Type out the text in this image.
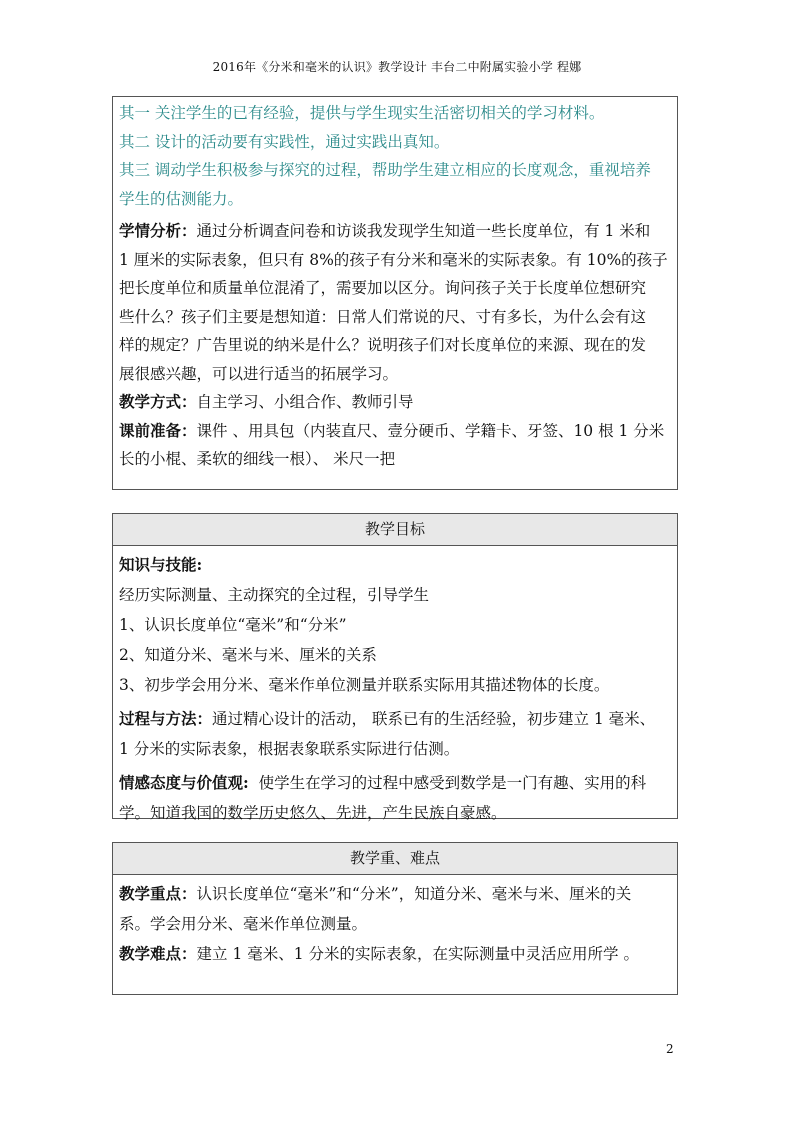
2016年《分米和毫米的认识》教学设计 丰台二中附属实验小学 程娜
其一 关注学生的已有经验，提供与学生现实生活密切相关的学习材料。
其二 设计的活动要有实践性，通过实践出真知。
其三 调动学生积极参与探究的过程，帮助学生建立相应的长度观念，重视培养
学生的估测能力。
学情分析：通过分析调查问卷和访谈我发现学生知道一些长度单位，有 1 米和
1 厘米的实际表象，但只有 8%的孩子有分米和毫米的实际表象。有 10%的孩子
把长度单位和质量单位混淆了，需要加以区分。询问孩子关于长度单位想研究
些什么？孩子们主要是想知道：日常人们常说的尺、寸有多长，为什么会有这
样的规定？广告里说的纳米是什么？说明孩子们对长度单位的来源、现在的发
展很感兴趣，可以进行适当的拓展学习。
教学方式：自主学习、小组合作、教师引导
课前准备：课件 、用具包（内装直尺、壹分硬币、学籍卡、牙签、10 根 1 分米
长的小棍、柔软的细线一根）、 米尺一把
教学目标
知识与技能:
经历实际测量、主动探究的全过程，引导学生
1、认识长度单位“毫米”和“分米”
2、知道分米、毫米与米、厘米的关系
3、初步学会用分米、毫米作单位测量并联系实际用其描述物体的长度。
过程与方法：通过精心设计的活动， 联系已有的生活经验，初步建立 1 毫米、
1 分米的实际表象，根据表象联系实际进行估测。
情感态度与价值观:  使学生在学习的过程中感受到数学是一门有趣、实用的科
学。知道我国的数学历史悠久、先进，产生民族自豪感。
教学重、难点
教学重点：认识长度单位“毫米”和“分米”，知道分米、毫米与米、厘米的关
系。学会用分米、毫米作单位测量。
教学难点：建立 1 毫米、1 分米的实际表象，在实际测量中灵活应用所学 。
2
